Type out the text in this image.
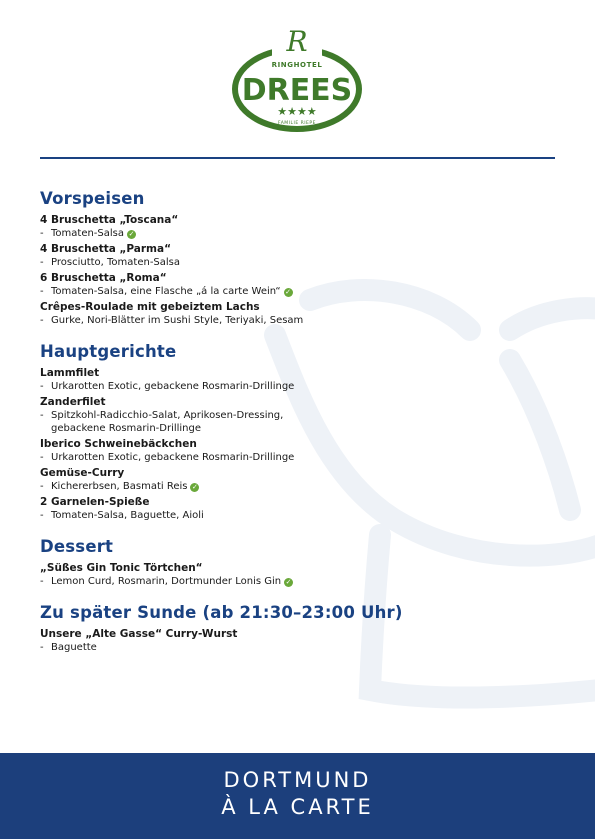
R
RINGHOTEL
DREES
★★★★
FAMILIE RIEPE
Vorspeisen
4 Bruschetta „Toscana“
- Tomaten-Salsa ✓
4 Bruschetta „Parma“
- Prosciutto, Tomaten-Salsa
6 Bruschetta „Roma“
- Tomaten-Salsa, eine Flasche „á la carte Wein“ ✓
Crêpes-Roulade mit gebeiztem Lachs
- Gurke, Nori-Blätter im Sushi Style, Teriyaki, Sesam
Hauptgerichte
Lammfilet
- Urkarotten Exotic, gebackene Rosmarin-Drillinge
Zanderfilet
- Spitzkohl-Radicchio-Salat, Aprikosen-Dressing,
gebackene Rosmarin-Drillinge
Iberico Schweinebäckchen
- Urkarotten Exotic, gebackene Rosmarin-Drillinge
Gemüse-Curry
- Kichererbsen, Basmati Reis ✓
2 Garnelen-Spieße
- Tomaten-Salsa, Baguette, Aioli
Dessert
„Süßes Gin Tonic Törtchen“
- Lemon Curd, Rosmarin, Dortmunder Lonis Gin ✓
Zu später Sunde (ab 21:30–23:00 Uhr)
Unsere „Alte Gasse“ Curry-Wurst
- Baguette
DORTMUND
À LA CARTE
